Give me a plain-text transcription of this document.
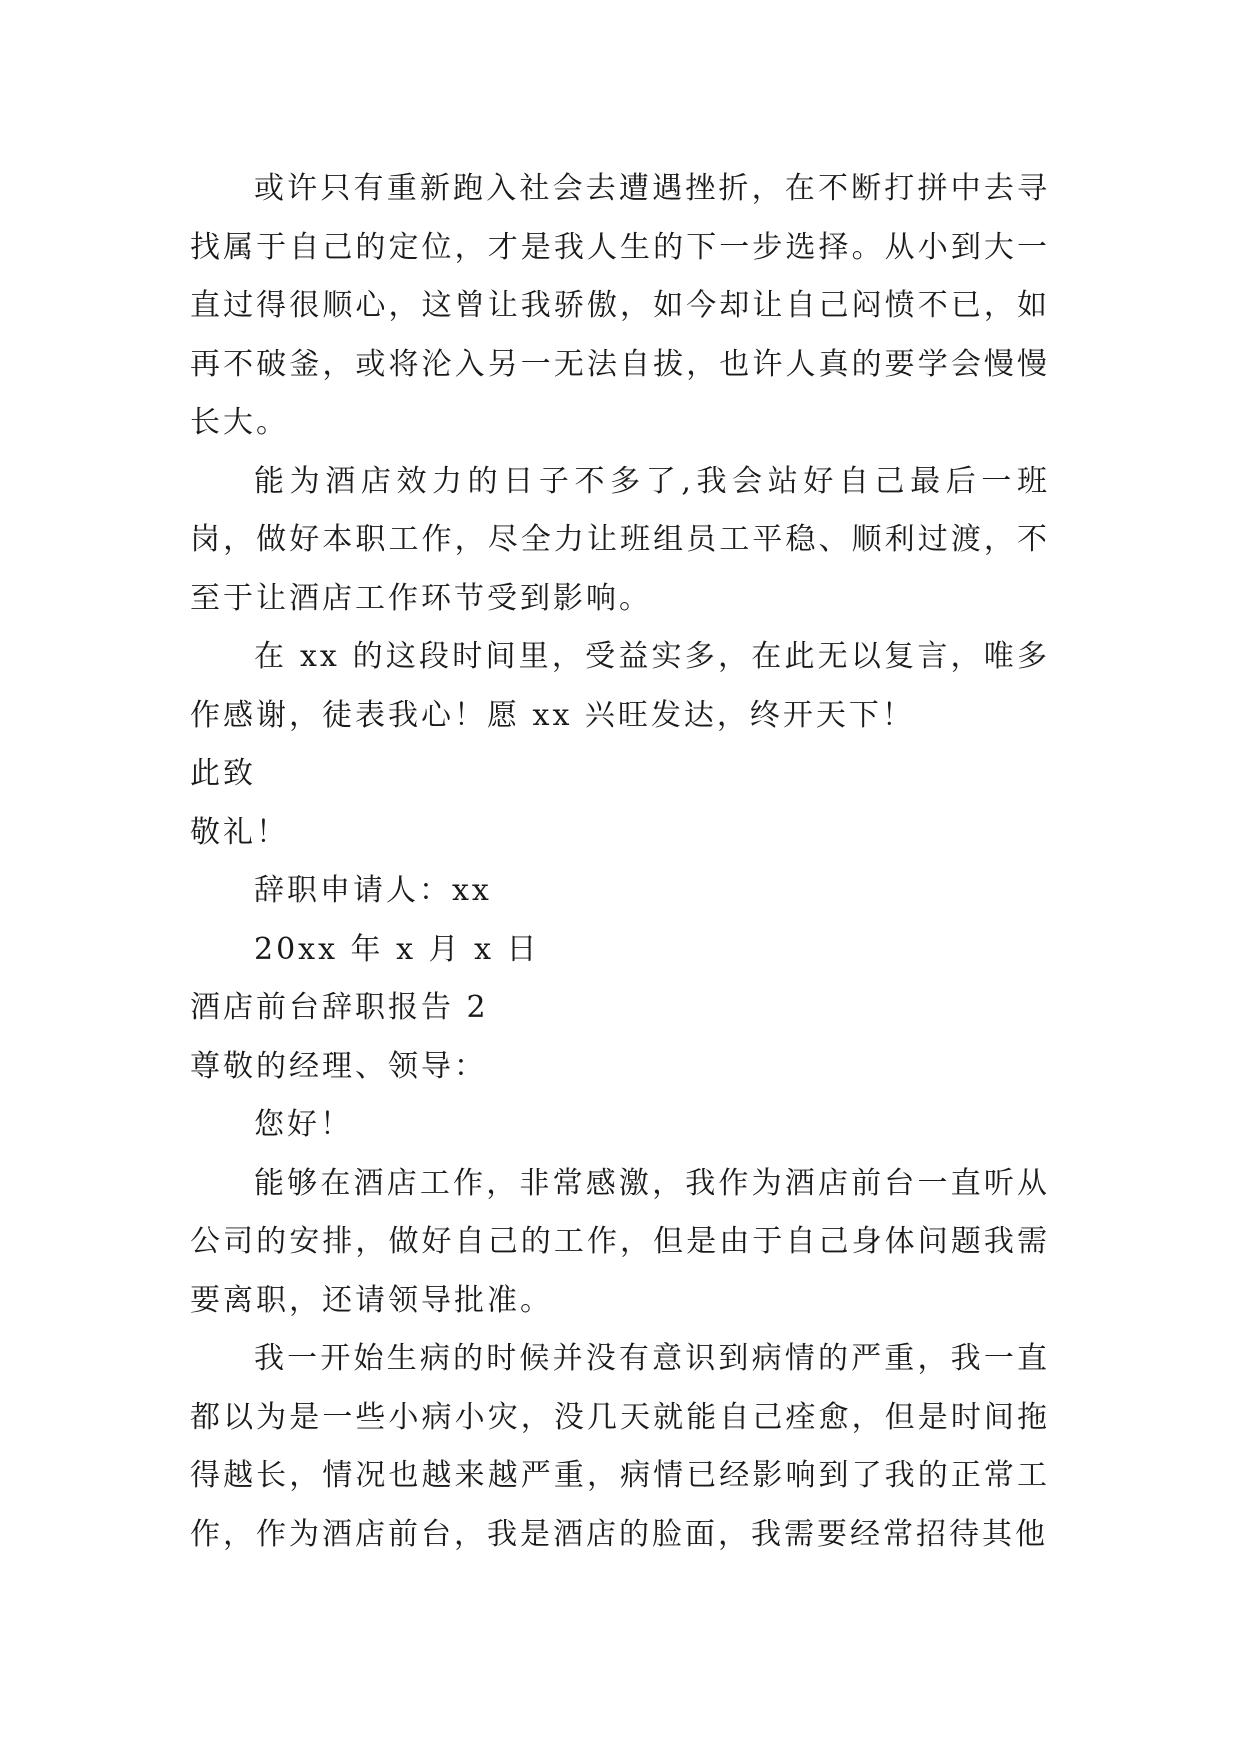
或许只有重新跑入社会去遭遇挫折，在不断打拼中去寻找属于自己的定位，才是我人生的下一步选择。从小到大一直过得很顺心，这曾让我骄傲，如今却让自己闷愤不已，如再不破釜，或将沦入另一无法自拔，也许人真的要学会慢慢长大。

能为酒店效力的日子不多了,我会站好自己最后一班岗，做好本职工作，尽全力让班组员工平稳、顺利过渡，不至于让酒店工作环节受到影响。

在 xx 的这段时间里，受益实多，在此无以复言，唯多作感谢，徒表我心！愿 xx 兴旺发达，终开天下！

此致

敬礼！

辞职申请人：xx

20xx 年 x 月 x 日

酒店前台辞职报告 2

尊敬的经理、领导：

您好！

能够在酒店工作，非常感激，我作为酒店前台一直听从公司的安排，做好自己的工作，但是由于自己身体问题我需要离职，还请领导批准。

我一开始生病的时候并没有意识到病情的严重，我一直都以为是一些小病小灾，没几天就能自己痊愈，但是时间拖得越长，情况也越来越严重，病情已经影响到了我的正常工作，作为酒店前台，我是酒店的脸面，我需要经常招待其他
